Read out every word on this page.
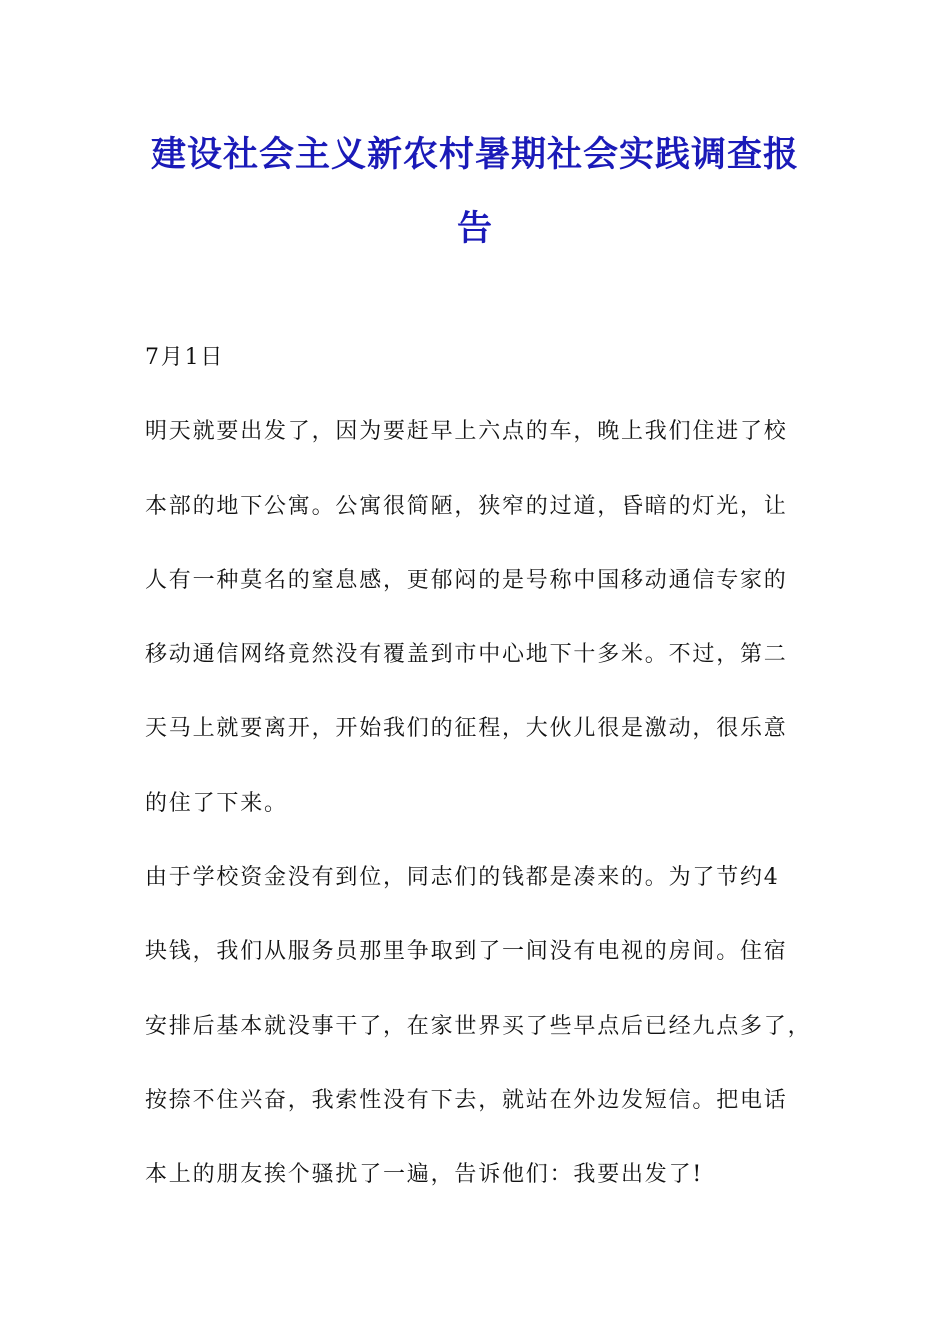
建设社会主义新农村暑期社会实践调查报
告
7月1日
明天就要出发了，因为要赶早上六点的车，晚上我们住进了校
本部的地下公寓。公寓很简陋，狭窄的过道，昏暗的灯光，让
人有一种莫名的窒息感，更郁闷的是号称中国移动通信专家的
移动通信网络竟然没有覆盖到市中心地下十多米。不过，第二
天马上就要离开，开始我们的征程，大伙儿很是激动，很乐意
的住了下来。
由于学校资金没有到位，同志们的钱都是凑来的。为了节约4
块钱，我们从服务员那里争取到了一间没有电视的房间。住宿
安排后基本就没事干了，在家世界买了些早点后已经九点多了，
按捺不住兴奋，我索性没有下去，就站在外边发短信。把电话
本上的朋友挨个骚扰了一遍，告诉他们：我要出发了!
